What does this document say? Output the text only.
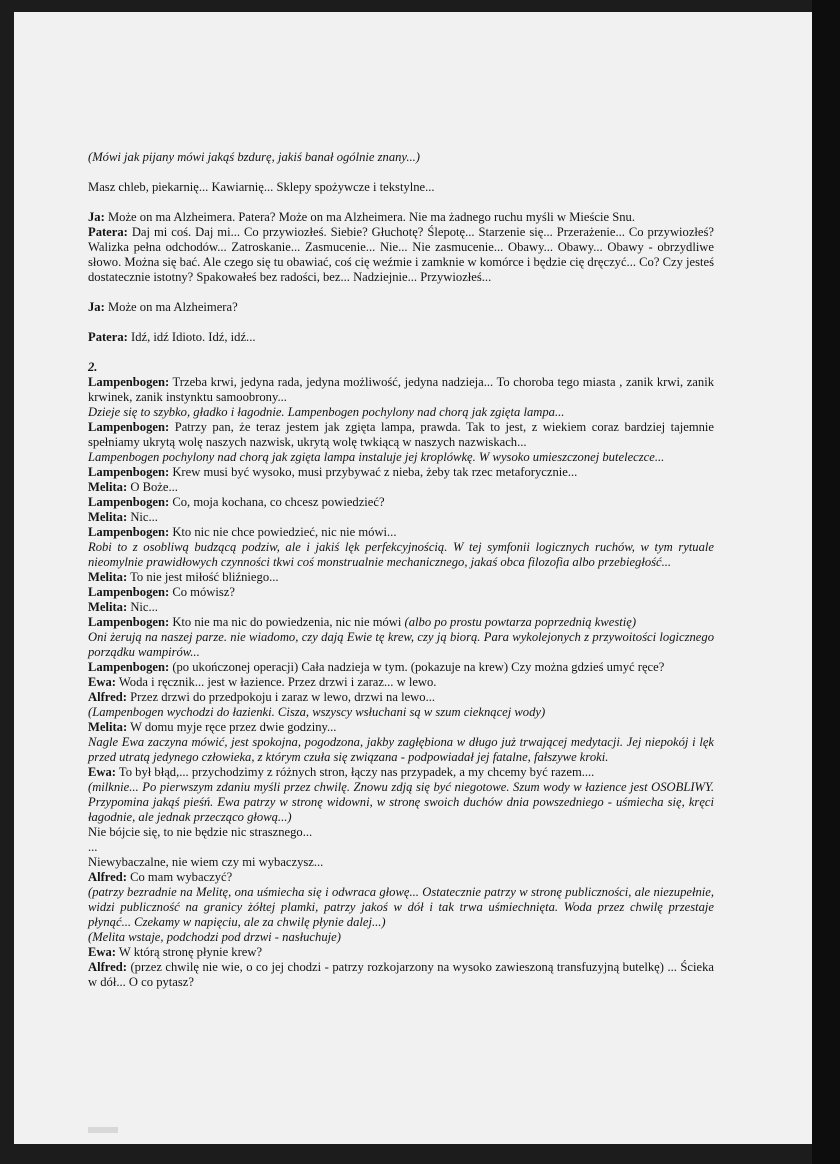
(Mówi jak pijany mówi jakąś bzdurę, jakiś banał ogólnie znany...)

Masz chleb, piekarnię... Kawiarnię... Sklepy spożywcze i tekstylne...

Ja: Może on ma Alzheimera. Patera? Może on ma Alzheimera. Nie ma żadnego ruchu myśli w Mieście Snu.

Patera: Daj mi coś. Daj mi... Co przywiozłeś. Siebie? Głuchotę? Ślepotę... Starzenie się... Przerażenie... Co przywiozłeś? Walizka pełna odchodów... Zatroskanie... Zasmucenie... Nie... Nie zasmucenie... Obawy... Obawy... Obawy - obrzydliwe słowo. Można się bać. Ale czego się tu obawiać, coś cię weźmie i zamknie w komórce i będzie cię dręczyć... Co? Czy jesteś dostatecznie istotny? Spakowałeś bez radości, bez... Nadziejnie... Przywiozłeś...

Ja: Może on ma Alzheimera?

Patera: Idź, idź Idioto. Idź, idź...

2.

Lampenbogen: Trzeba krwi, jedyna rada, jedyna możliwość, jedyna nadzieja... To choroba tego miasta , zanik krwi, zanik krwinek, zanik instynktu samoobrony...

Dzieje się to szybko, gładko i łagodnie. Lampenbogen pochylony nad chorą jak zgięta lampa...

Lampenbogen: Patrzy pan, że teraz jestem jak zgięta lampa, prawda. Tak to jest, z wiekiem coraz bardziej tajemnie spełniamy ukrytą wolę naszych nazwisk, ukrytą wolę twkiącą w naszych nazwiskach...

Lampenbogen pochylony nad chorą jak zgięta lampa instaluje jej kroplówkę. W wysoko umieszczonej buteleczce...

Lampenbogen: Krew musi być wysoko, musi przybywać z nieba, żeby tak rzec metaforycznie...

Melita: O Boże...

Lampenbogen: Co, moja kochana, co chcesz powiedzieć?

Melita: Nic...

Lampenbogen: Kto nic nie chce powiedzieć, nic nie mówi...

Robi to z osobliwą budzącą podziw, ale i jakiś lęk perfekcyjnością. W tej symfonii logicznych ruchów, w tym rytuale nieomylnie prawidłowych czynności tkwi coś monstrualnie mechanicznego, jakaś obca filozofia albo przebiegłość...

Melita: To nie jest miłość bliźniego...

Lampenbogen: Co mówisz?

Melita: Nic...

Lampenbogen: Kto nie ma nic do powiedzenia, nic nie mówi (albo po prostu powtarza poprzednią kwestię)

Oni żerują na naszej parze. nie wiadomo, czy dają Ewie tę krew, czy ją biorą. Para wykolejonych z przywoitości logicznego porządku wampirów...

Lampenbogen: (po ukończonej operacji) Cała nadzieja w tym. (pokazuje na krew) Czy można gdzieś umyć ręce?

Ewa: Woda i ręcznik... jest w łazience. Przez drzwi i zaraz... w lewo.

Alfred: Przez drzwi do przedpokoju i zaraz w lewo, drzwi na lewo...

(Lampenbogen wychodzi do łazienki. Cisza, wszyscy wsłuchani są w szum cieknącej wody)

Melita: W domu myje ręce przez dwie godziny...

Nagle Ewa zaczyna mówić, jest spokojna, pogodzona, jakby zagłębiona w długo już trwającej medytacji. Jej niepokój i lęk przed utratą jedynego człowieka, z którym czuła się związana - podpowiadał jej fatalne, fałszywe kroki.

Ewa: To był błąd,... przychodzimy z różnych stron, łączy nas przypadek, a my chcemy być razem....

(milknie... Po pierwszym zdaniu myśli przez chwilę. Znowu zdją się być niegotowe. Szum wody w łazience jest OSOBLIWY. Przypomina jakąś pieśń. Ewa patrzy w stronę widowni, w stronę swoich duchów dnia powszedniego - uśmiecha się, kręci łagodnie, ale jednak przecząco głową...)

Nie bójcie się, to nie będzie nic strasznego...

...

Niewybaczalne, nie wiem czy mi wybaczysz...

Alfred: Co mam wybaczyć?

(patrzy bezradnie na Melitę, ona uśmiecha się i odwraca głowę... Ostatecznie patrzy w stronę publiczności, ale niezupełnie, widzi publiczność na granicy żółtej plamki, patrzy jakoś w dół i tak trwa uśmiechnięta. Woda przez chwilę przestaje płynąć... Czekamy w napięciu, ale za chwilę płynie dalej...)

(Melita wstaje, podchodzi pod drzwi - nasłuchuje)

Ewa: W którą stronę płynie krew?

Alfred: (przez chwilę nie wie, o co jej chodzi - patrzy rozkojarzony na wysoko zawieszoną transfuzyjną butelkę) ... Ścieka w dół... O co pytasz?
